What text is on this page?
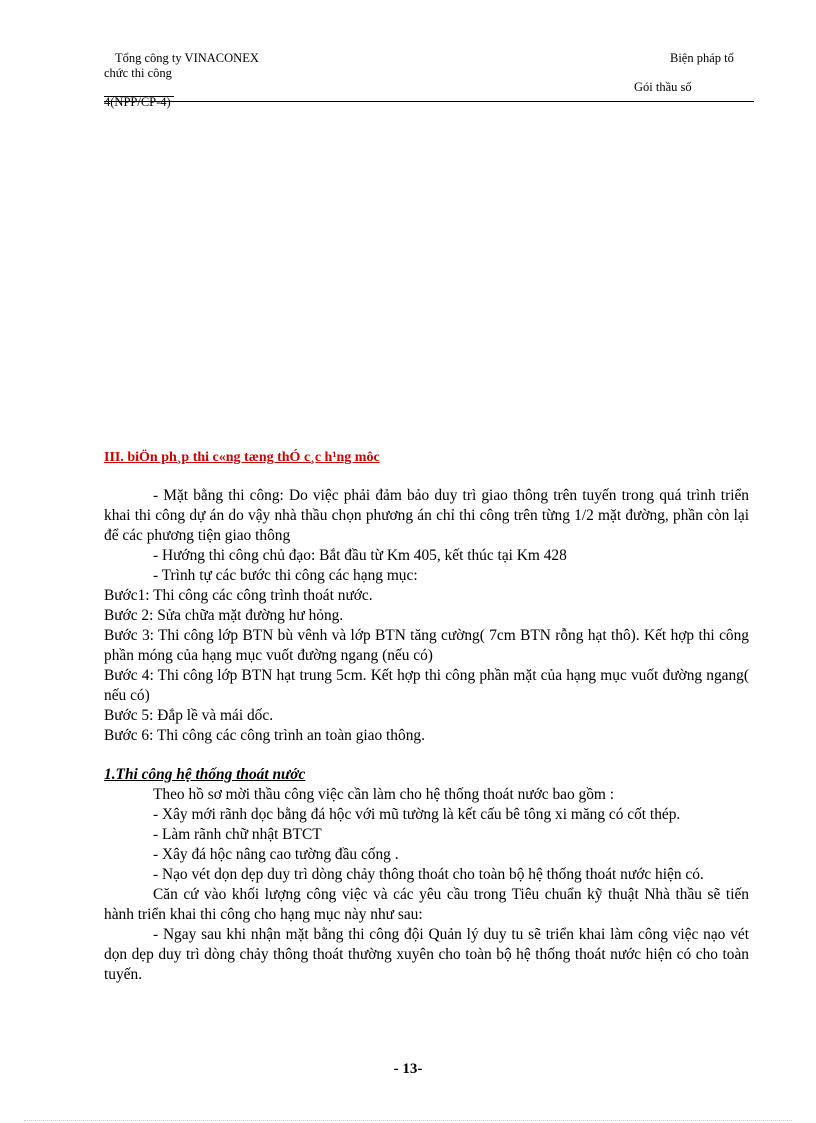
Tổng công ty VINACONEX	Biện pháp tổ
chức thi công
Gói thầu số
4(NPP/CP-4)
III. biÖn ph¸p thi c«ng tæng thÓ c¸c h¹ng môc

- Mặt bằng thi công: Do việc phải đảm bảo duy trì giao thông trên tuyến trong quá trình triển khai thi công dự án do vậy nhà thầu chọn phương án chỉ thi công trên từng 1/2 mặt đường, phần còn lại để các phương tiện giao thông

- Hướng thi công chủ đạo: Bắt đầu từ Km 405, kết thúc tại Km 428

- Trình tự các bước thi công các hạng mục:

Bước1: Thi công các công trình thoát nước.

Bước 2: Sửa chữa mặt đường hư hỏng.

Bước 3: Thi công lớp BTN bù vênh và lớp BTN tăng cường( 7cm BTN rỗng hạt thô). Kết hợp thi công phần móng của hạng mục vuốt đường ngang (nếu có)

Bước 4: Thi công lớp BTN hạt trung 5cm. Kết hợp thi công phần mặt của hạng mục vuốt đường ngang( nếu có)

Bước 5: Đắp lề và mái dốc.

Bước 6: Thi công các công trình an toàn giao thông.

1.Thi công hệ thống thoát nước

Theo hồ sơ mời thầu công việc cần làm cho hệ thống thoát nước bao gồm :

- Xây mới rãnh dọc bằng đá hộc với mũ tường là kết cấu bê tông xi măng có cốt thép.

- Làm rãnh chữ nhật BTCT

- Xây đá hộc nâng cao tường đầu cống .

- Nạo vét dọn dẹp duy trì dòng chảy thông thoát cho toàn bộ hệ thống thoát nước hiện có.

Căn cứ vào khối lượng công việc và các yêu cầu trong Tiêu chuẩn kỹ thuật Nhà thầu sẽ tiến hành triển khai thi công cho hạng mục này như sau:

- Ngay sau khi nhận mặt bằng thi công đội Quản lý duy tu sẽ triển khai làm công việc nạo vét dọn dẹp duy trì dòng chảy thông thoát thường xuyên cho toàn bộ hệ thống thoát nước hiện có cho toàn tuyến.

- 13-
